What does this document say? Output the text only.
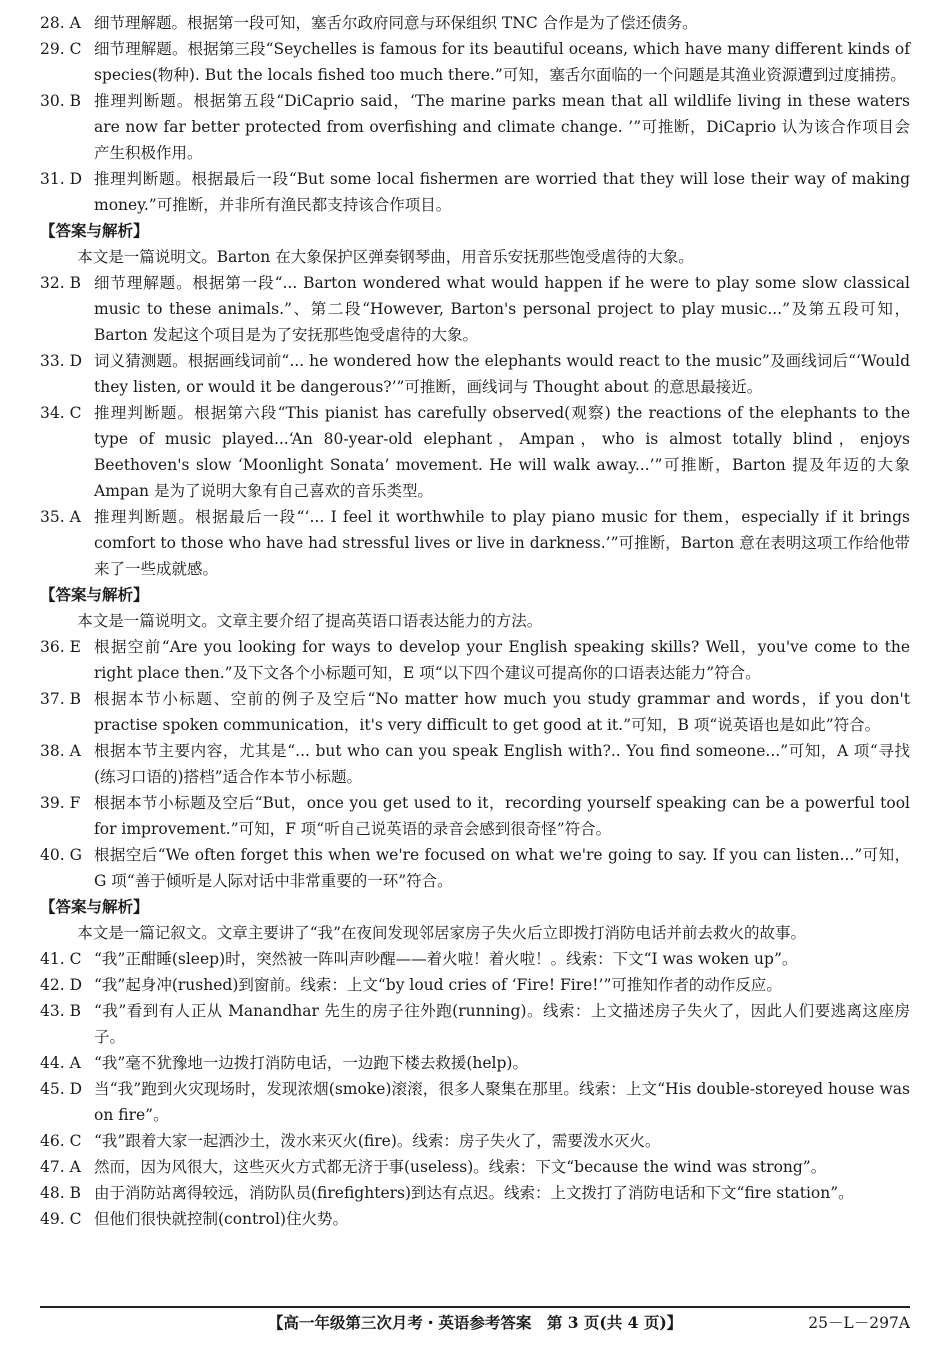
28. A 细节理解题。根据第一段可知，塞舌尔政府同意与环保组织 TNC 合作是为了偿还债务。
29. C 细节理解题。根据第三段“Seychelles is famous for its beautiful oceans, which have many different kinds of species(物种). But the locals fished too much there.”可知，塞舌尔面临的一个问题是其渔业资源遭到过度捕捞。
30. B 推理判断题。根据第五段“DiCaprio said，‘The marine parks mean that all wildlife living in these waters are now far better protected from overfishing and climate change. ’”可推断，DiCaprio 认为该合作项目会产生积极作用。
31. D 推理判断题。根据最后一段“But some local fishermen are worried that they will lose their way of making money.”可推断，并非所有渔民都支持该合作项目。
【答案与解析】
本文是一篇说明文。Barton 在大象保护区弹奏钢琴曲，用音乐安抚那些饱受虐待的大象。
32. B 细节理解题。根据第一段“... Barton wondered what would happen if he were to play some slow classical music to these animals.”、第二段“However, Barton's personal project to play music...”及第五段可知，Barton 发起这个项目是为了安抚那些饱受虐待的大象。
33. D 词义猜测题。根据画线词前“... he wondered how the elephants would react to the music”及画线词后“‘Would they listen, or would it be dangerous?’”可推断，画线词与 Thought about 的意思最接近。
34. C 推理判断题。根据第六段“This pianist has carefully observed(观察) the reactions of the elephants to the type of music played...‘An 80-year-old elephant，Ampan，who is almost totally blind，enjoys Beethoven's slow ‘Moonlight Sonata’ movement. He will walk away...’”可推断，Barton 提及年迈的大象 Ampan 是为了说明大象有自己喜欢的音乐类型。
35. A 推理判断题。根据最后一段“‘... I feel it worthwhile to play piano music for them，especially if it brings comfort to those who have had stressful lives or live in darkness.’”可推断，Barton 意在表明这项工作给他带来了一些成就感。
【答案与解析】
本文是一篇说明文。文章主要介绍了提高英语口语表达能力的方法。
36. E 根据空前“Are you looking for ways to develop your English speaking skills? Well，you've come to the right place then.”及下文各个小标题可知，E 项“以下四个建议可提高你的口语表达能力”符合。
37. B 根据本节小标题、空前的例子及空后“No matter how much you study grammar and words，if you don't practise spoken communication，it's very difficult to get good at it.”可知，B 项“说英语也是如此”符合。
38. A 根据本节主要内容，尤其是“... but who can you speak English with?.. You find someone...”可知，A 项“寻找(练习口语的)搭档”适合作本节小标题。
39. F 根据本节小标题及空后“But，once you get used to it，recording yourself speaking can be a powerful tool for improvement.”可知，F 项“听自己说英语的录音会感到很奇怪”符合。
40. G 根据空后“We often forget this when we're focused on what we're going to say. If you can listen...”可知，G 项“善于倾听是人际对话中非常重要的一环”符合。
【答案与解析】
本文是一篇记叙文。文章主要讲了“我”在夜间发现邻居家房子失火后立即拨打消防电话并前去救火的故事。
41. C “我”正酣睡(sleep)时，突然被一阵叫声吵醒——着火啦！着火啦！。线索：下文“I was woken up”。
42. D “我”起身冲(rushed)到窗前。线索：上文“by loud cries of ‘Fire! Fire!’”可推知作者的动作反应。
43. B “我”看到有人正从 Manandhar 先生的房子往外跑(running)。线索：上文描述房子失火了，因此人们要逃离这座房子。
44. A “我”毫不犹豫地一边拨打消防电话，一边跑下楼去救援(help)。
45. D 当“我”跑到火灾现场时，发现浓烟(smoke)滚滚，很多人聚集在那里。线索：上文“His double-storeyed house was on fire”。
46. C “我”跟着大家一起洒沙土，泼水来灭火(fire)。线索：房子失火了，需要泼水灭火。
47. A 然而，因为风很大，这些灭火方式都无济于事(useless)。线索：下文“because the wind was strong”。
48. B 由于消防站离得较远，消防队员(firefighters)到达有点迟。线索：上文拨打了消防电话和下文“fire station”。
49. C 但他们很快就控制(control)住火势。
【高一年级第三次月考・英语参考答案　第 3 页(共 4 页)】	25－L－297A
